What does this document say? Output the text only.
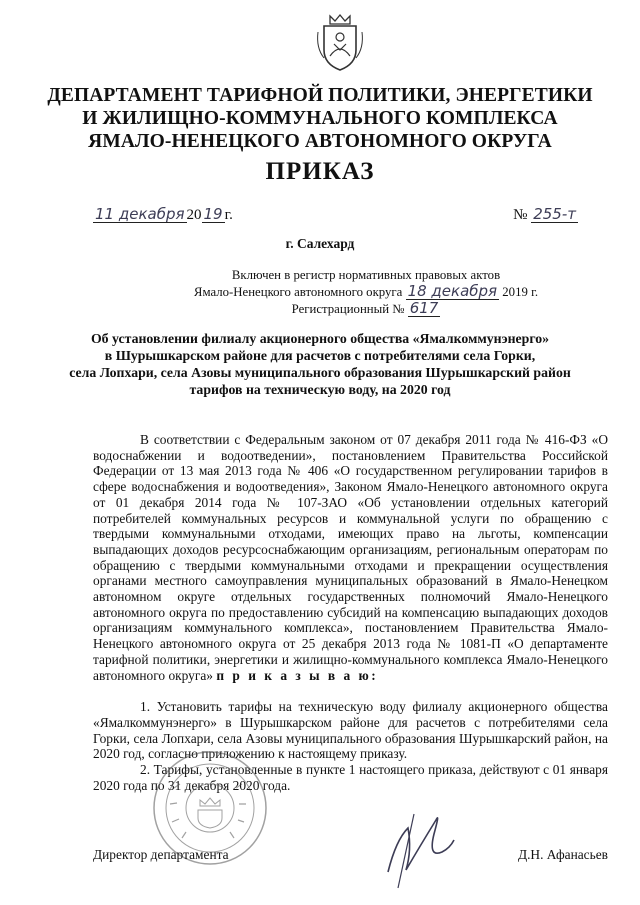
ДЕПАРТАМЕНТ ТАРИФНОЙ ПОЛИТИКИ, ЭНЕРГЕТИКИ
И ЖИЛИЩНО-КОММУНАЛЬНОГО КОМПЛЕКСА
ЯМАЛО-НЕНЕЦКОГО АВТОНОМНОГО ОКРУГА
ПРИКАЗ
11 декабря 20 19 г.	№ 255-т
г. Салехард
Включен в регистр нормативных правовых актов
Ямало-Ненецкого автономного округа 18 декабря 2019 г.
Регистрационный № 617
Об установлении филиалу акционерного общества «Ямалкоммунэнерго»
в Шурышкарском районе для расчетов с потребителями села Горки,
села Лопхари, села Азовы муниципального образования Шурышкарский район
тарифов на техническую воду, на 2020 год

В соответствии с Федеральным законом от 07 декабря 2011 года № 416-ФЗ «О водоснабжении и водоотведении», постановлением Правительства Российской Федерации от 13 мая 2013 года № 406 «О государственном регулировании тарифов в сфере водоснабжения и водоотведения», Законом Ямало-Ненецкого автономного округа от 01 декабря 2014 года № 107-ЗАО «Об установлении отдельных категорий потребителей коммунальных ресурсов и коммунальной услуги по обращению с твердыми коммунальными отходами, имеющих право на льготы, компенсации выпадающих доходов ресурсоснабжающим организациям, региональным операторам по обращению с твердыми коммунальными отходами и прекращении осуществления органами местного самоуправления муниципальных образований в Ямало-Ненецком автономном округе отдельных государственных полномочий Ямало-Ненецкого автономного округа по предоставлению субсидий на компенсацию выпадающих доходов организациям коммунального комплекса», постановлением Правительства Ямало-Ненецкого автономного округа от 25 декабря 2013 года № 1081-П «О департаменте тарифной политики, энергетики и жилищно-коммунального комплекса Ямало-Ненецкого автономного округа» п р и к а з ы в а ю:

1. Установить тарифы на техническую воду филиалу акционерного общества «Ямалкоммунэнерго» в Шурышкарском районе для расчетов с потребителями села Горки, села Лопхари, села Азовы муниципального образования Шурышкарский район, на 2020 год, согласно приложению к настоящему приказу.

2. Тарифы, установленные в пункте 1 настоящего приказа, действуют с 01 января 2020 года по 31 декабря 2020 года.

Директор департамента	Д.Н. Афанасьев
